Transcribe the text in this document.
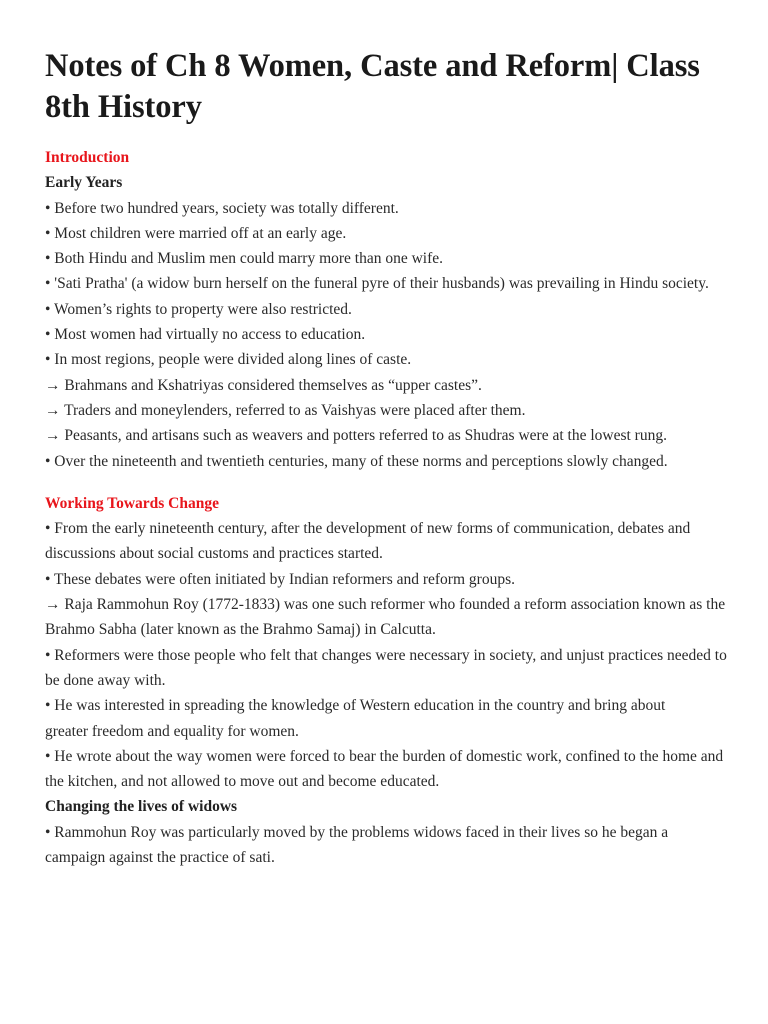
Notes of Ch 8 Women, Caste and Reform| Class 8th History
Introduction
Early Years
• Before two hundred years, society was totally different.
• Most children were married off at an early age.
• Both Hindu and Muslim men could marry more than one wife.
• 'Sati Pratha' (a widow burn herself on the funeral pyre of their husbands) was prevailing in Hindu society.
• Women’s rights to property were also restricted.
• Most women had virtually no access to education.
• In most regions, people were divided along lines of caste.
→ Brahmans and Kshatriyas considered themselves as “upper castes”.
→ Traders and moneylenders, referred to as Vaishyas were placed after them.
→ Peasants, and artisans such as weavers and potters referred to as Shudras were at the lowest rung.
• Over the nineteenth and twentieth centuries, many of these norms and perceptions slowly changed.
Working Towards Change
• From the early nineteenth century, after the development of new forms of communication, debates and discussions about social customs and practices started.
• These debates were often initiated by Indian reformers and reform groups.
→ Raja Rammohun Roy (1772-1833) was one such reformer who founded a reform association known as the Brahmo Sabha (later known as the Brahmo Samaj) in Calcutta.
• Reformers were those people who felt that changes were necessary in society, and unjust practices needed to be done away with.
• He was interested in spreading the knowledge of Western education in the country and bring about
greater freedom and equality for women.
• He wrote about the way women were forced to bear the burden of domestic work, confined to the home and the kitchen, and not allowed to move out and become educated.
Changing the lives of widows
• Rammohun Roy was particularly moved by the problems widows faced in their lives so he began a campaign against the practice of sati.
